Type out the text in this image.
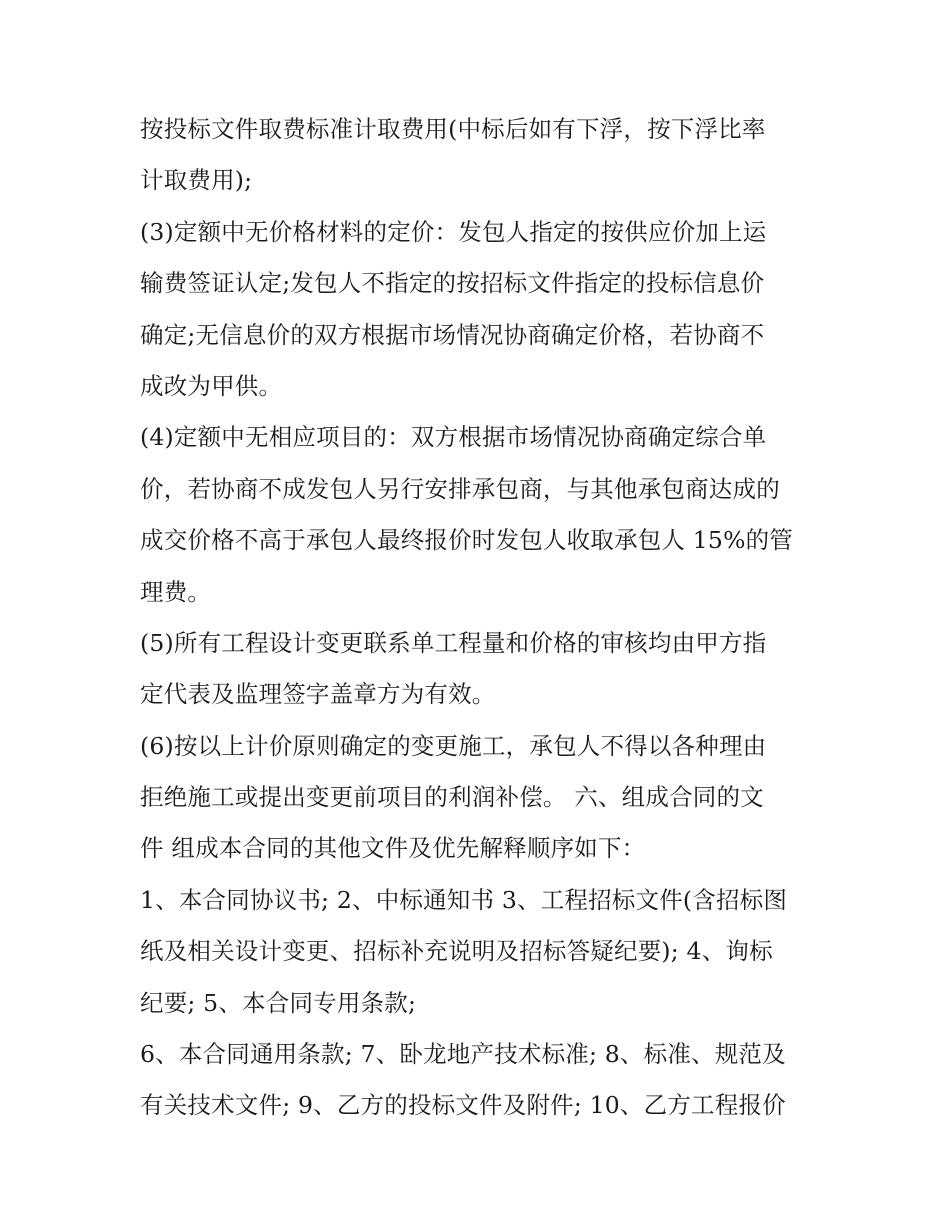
按投标文件取费标准计取费用(中标后如有下浮，按下浮比率
计取费用);
(3)定额中无价格材料的定价：发包人指定的按供应价加上运
输费签证认定;发包人不指定的按招标文件指定的投标信息价
确定;无信息价的双方根据市场情况协商确定价格，若协商不
成改为甲供。
(4)定额中无相应项目的：双方根据市场情况协商确定综合单
价，若协商不成发包人另行安排承包商，与其他承包商达成的
成交价格不高于承包人最终报价时发包人收取承包人 15%的管
理费。
(5)所有工程设计变更联系单工程量和价格的审核均由甲方指
定代表及监理签字盖章方为有效。
(6)按以上计价原则确定的变更施工，承包人不得以各种理由
拒绝施工或提出变更前项目的利润补偿。 六、组成合同的文
件 组成本合同的其他文件及优先解释顺序如下：
1、本合同协议书; 2、中标通知书 3、工程招标文件(含招标图
纸及相关设计变更、招标补充说明及招标答疑纪要); 4、询标
纪要; 5、本合同专用条款;
6、本合同通用条款; 7、卧龙地产技术标准; 8、标准、规范及
有关技术文件; 9、乙方的投标文件及附件; 10、乙方工程报价
